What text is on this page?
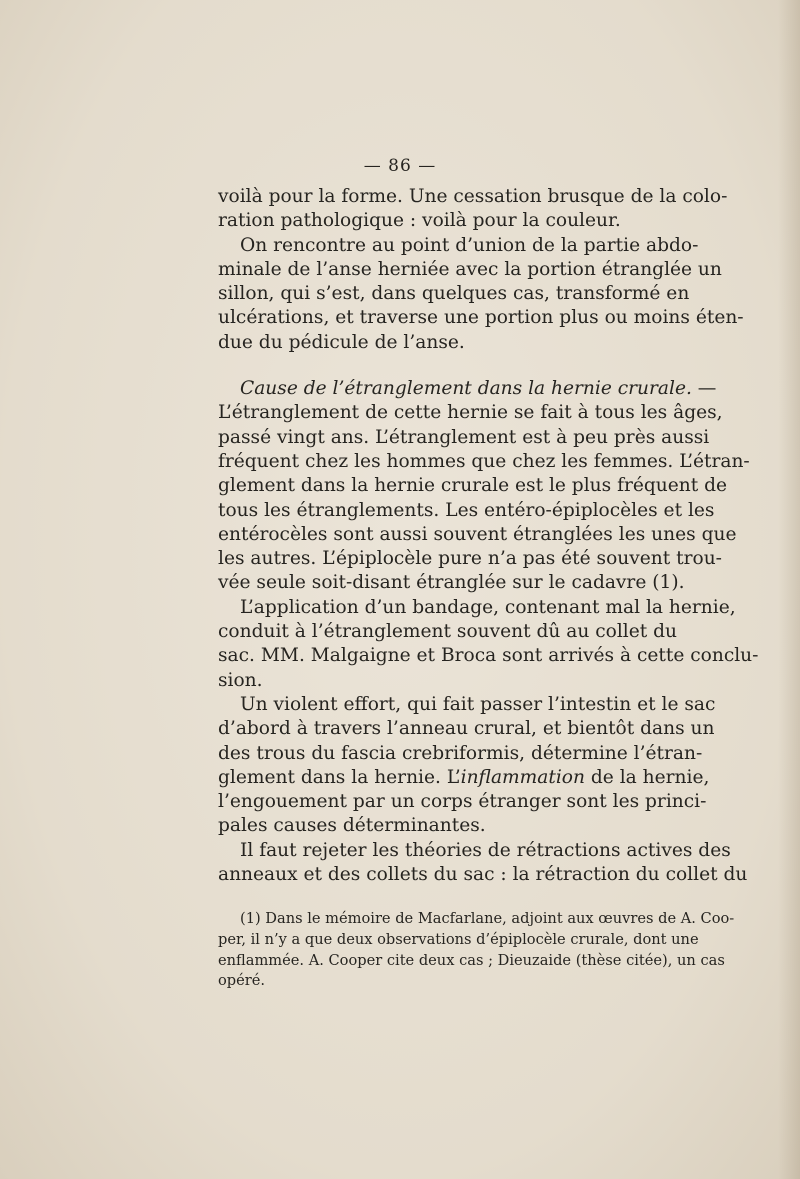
— 86 —
voilà pour la forme. Une cessation brusque de la colo-
ration pathologique : voilà pour la couleur.
On rencontre au point d’union de la partie abdo-
minale de l’anse herniée avec la portion étranglée un
sillon, qui s’est, dans quelques cas, transformé en
ulcérations, et traverse une portion plus ou moins éten-
due du pédicule de l’anse.
Cause de l’étranglement dans la hernie crurale. —
L’étranglement de cette hernie se fait à tous les âges,
passé vingt ans. L’étranglement est à peu près aussi
fréquent chez les hommes que chez les femmes. L’étran-
glement dans la hernie crurale est le plus fréquent de
tous les étranglements. Les entéro-épiplocèles et les
entérocèles sont aussi souvent étranglées les unes que
les autres. L’épiplocèle pure n’a pas été souvent trou-
vée seule soit-disant étranglée sur le cadavre (1).
L’application d’un bandage, contenant mal la hernie,
conduit à l’étranglement souvent dû au collet du
sac. MM. Malgaigne et Broca sont arrivés à cette conclu-
sion.
Un violent effort, qui fait passer l’intestin et le sac
d’abord à travers l’anneau crural, et bientôt dans un
des trous du fascia crebriformis, détermine l’étran-
glement dans la hernie. L’inflammation de la hernie,
l’engouement par un corps étranger sont les princi-
pales causes déterminantes.
Il faut rejeter les théories de rétractions actives des
anneaux et des collets du sac : la rétraction du collet du
(1) Dans le mémoire de Macfarlane, adjoint aux œuvres de A. Coo-
per, il n’y a que deux observations d’épiplocèle crurale, dont une
enflammée. A. Cooper cite deux cas ; Dieuzaide (thèse citée), un cas
opéré.
